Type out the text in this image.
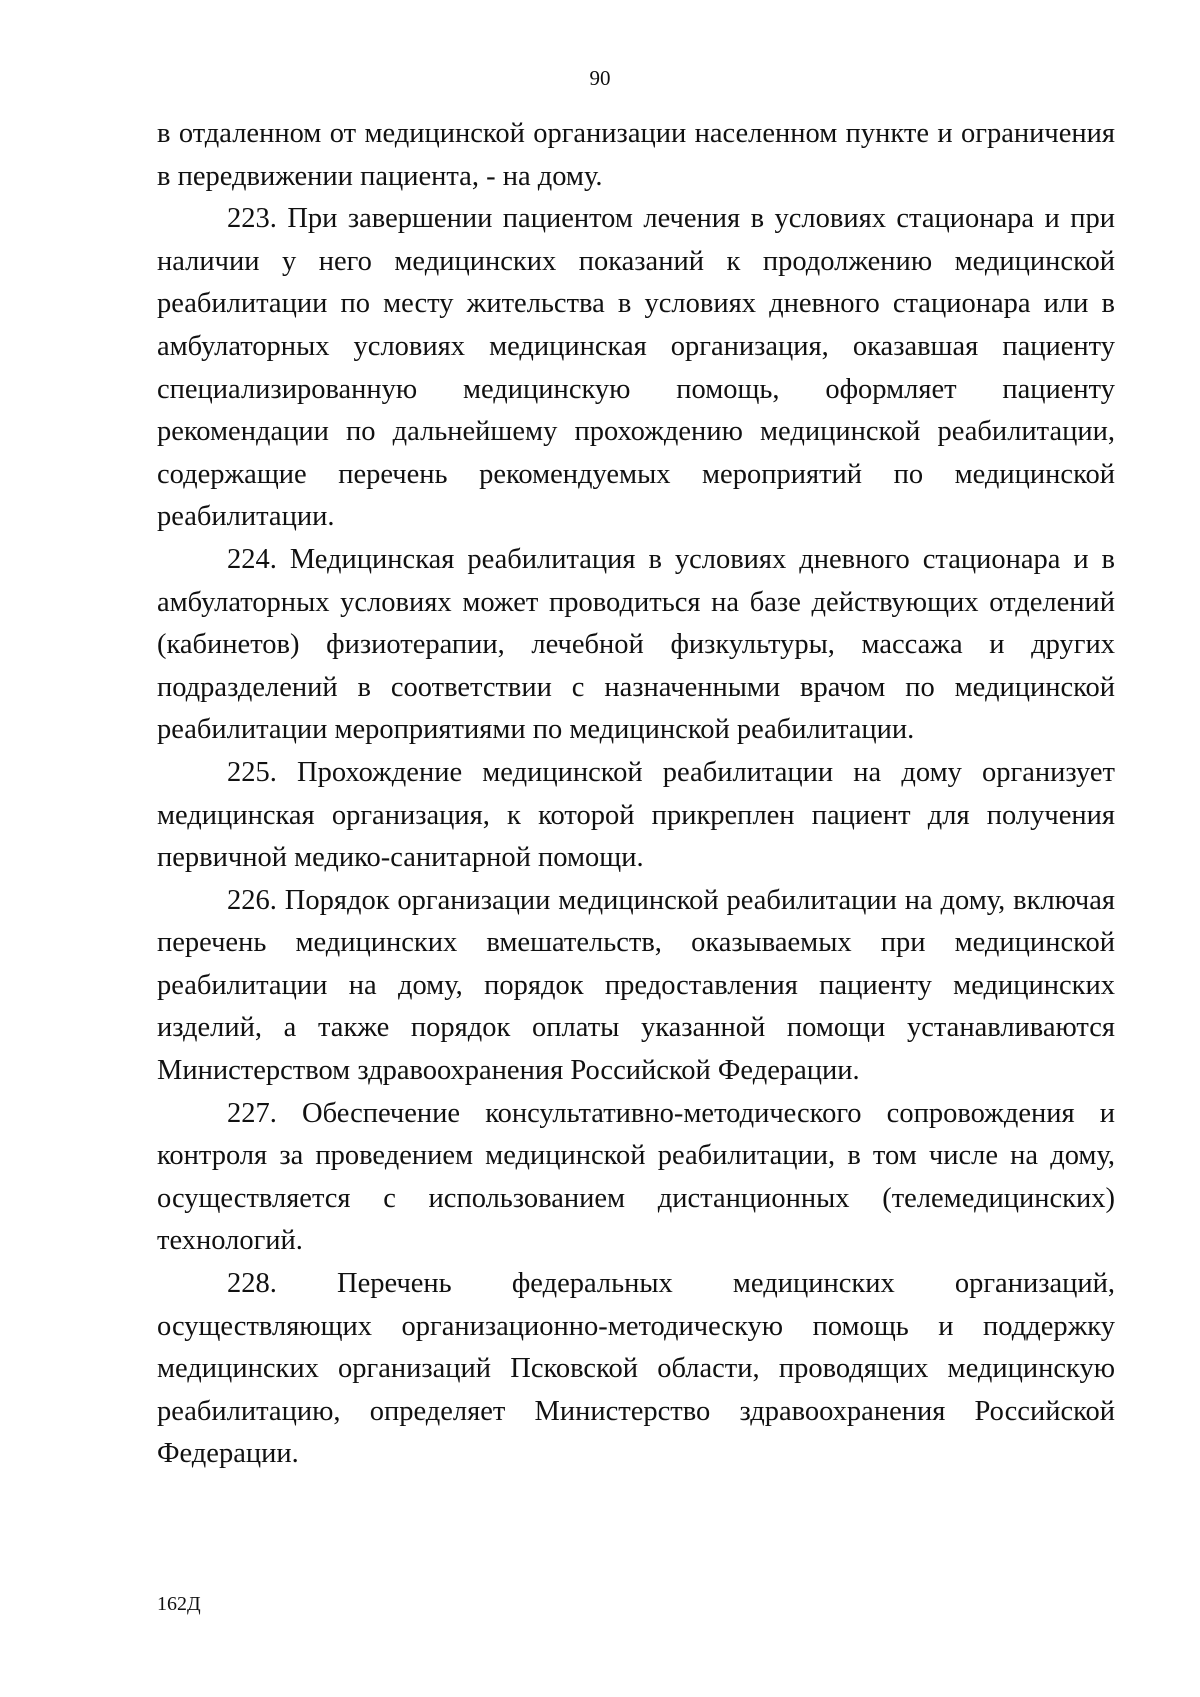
90

в отдаленном от медицинской организации населенном пункте и ограничения в передвижении пациента, - на дому.

223. При завершении пациентом лечения в условиях стационара и при наличии у него медицинских показаний к продолжению медицинской реабилитации по месту жительства в условиях дневного стационара или в амбулаторных условиях медицинская организация, оказавшая пациенту специализированную медицинскую помощь, оформляет пациенту рекомендации по дальнейшему прохождению медицинской реабилитации, содержащие перечень рекомендуемых мероприятий по медицинской реабилитации.

224. Медицинская реабилитация в условиях дневного стационара и в амбулаторных условиях может проводиться на базе действующих отделений (кабинетов) физиотерапии, лечебной физкультуры, массажа и других подразделений в соответствии с назначенными врачом по медицинской реабилитации мероприятиями по медицинской реабилитации.

225. Прохождение медицинской реабилитации на дому организует медицинская организация, к которой прикреплен пациент для получения первичной медико-санитарной помощи.

226. Порядок организации медицинской реабилитации на дому, включая перечень медицинских вмешательств, оказываемых при медицинской реабилитации на дому, порядок предоставления пациенту медицинских изделий, а также порядок оплаты указанной помощи устанавливаются Министерством здравоохранения Российской Федерации.

227. Обеспечение консультативно-методического сопровождения и контроля за проведением медицинской реабилитации, в том числе на дому, осуществляется с использованием дистанционных (телемедицинских) технологий.

228. Перечень федеральных медицинских организаций, осуществляющих организационно-методическую помощь и поддержку медицинских организаций Псковской области, проводящих медицинскую реабилитацию, определяет Министерство здравоохранения Российской Федерации.

162Д
